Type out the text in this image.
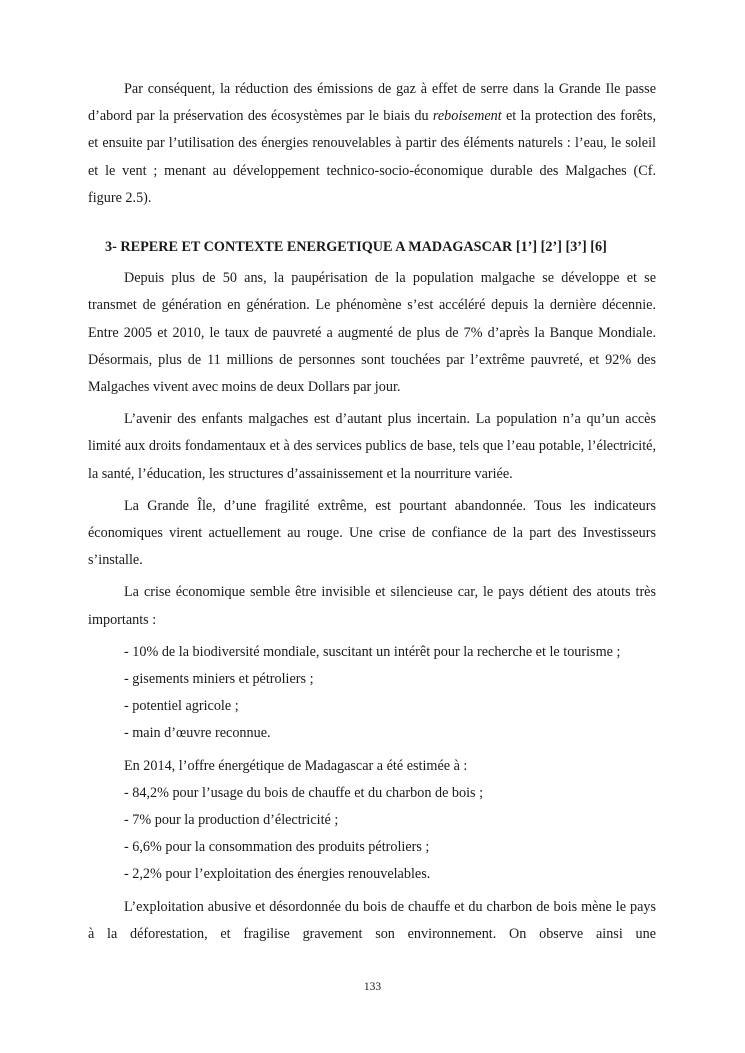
Par conséquent, la réduction des émissions de gaz à effet de serre dans la Grande Ile passe d’abord par la préservation des écosystèmes par le biais du reboisement et la protection des forêts, et ensuite par l’utilisation des énergies renouvelables à partir des éléments naturels : l’eau, le soleil et le vent ; menant au développement technico-socio-économique durable des Malgaches (Cf. figure 2.5).

3- REPERE ET CONTEXTE ENERGETIQUE A MADAGASCAR [1’] [2’] [3’] [6]

Depuis plus de 50 ans, la paupérisation de la population malgache se développe et se transmet de génération en génération. Le phénomène s’est accéléré depuis la dernière décennie. Entre 2005 et 2010, le taux de pauvreté a augmenté de plus de 7% d’après la Banque Mondiale. Désormais, plus de 11 millions de personnes sont touchées par l’extrême pauvreté, et 92% des Malgaches vivent avec moins de deux Dollars par jour.

L’avenir des enfants malgaches est d’autant plus incertain. La population n’a qu’un accès limité aux droits fondamentaux et à des services publics de base, tels que l’eau potable, l’électricité, la santé, l’éducation, les structures d’assainissement et la nourriture variée.

La Grande Île, d’une fragilité extrême, est pourtant abandonnée. Tous les indicateurs économiques virent actuellement au rouge. Une crise de confiance de la part des Investisseurs s’installe.

La crise économique semble être invisible et silencieuse car, le pays détient des atouts très importants :

- 10% de la biodiversité mondiale, suscitant un intérêt pour la recherche et le tourisme ;

- gisements miniers et pétroliers ;

- potentiel agricole ;

- main d’œuvre reconnue.

En 2014, l’offre énergétique de Madagascar a été estimée à :

- 84,2% pour l’usage du bois de chauffe et du charbon de bois ;

- 7% pour la production d’électricité ;

- 6,6% pour la consommation des produits pétroliers ;

- 2,2% pour l’exploitation des énergies renouvelables.

L’exploitation abusive et désordonnée du bois de chauffe et du charbon de bois mène le pays à la déforestation, et fragilise gravement son environnement. On observe ainsi une

133
